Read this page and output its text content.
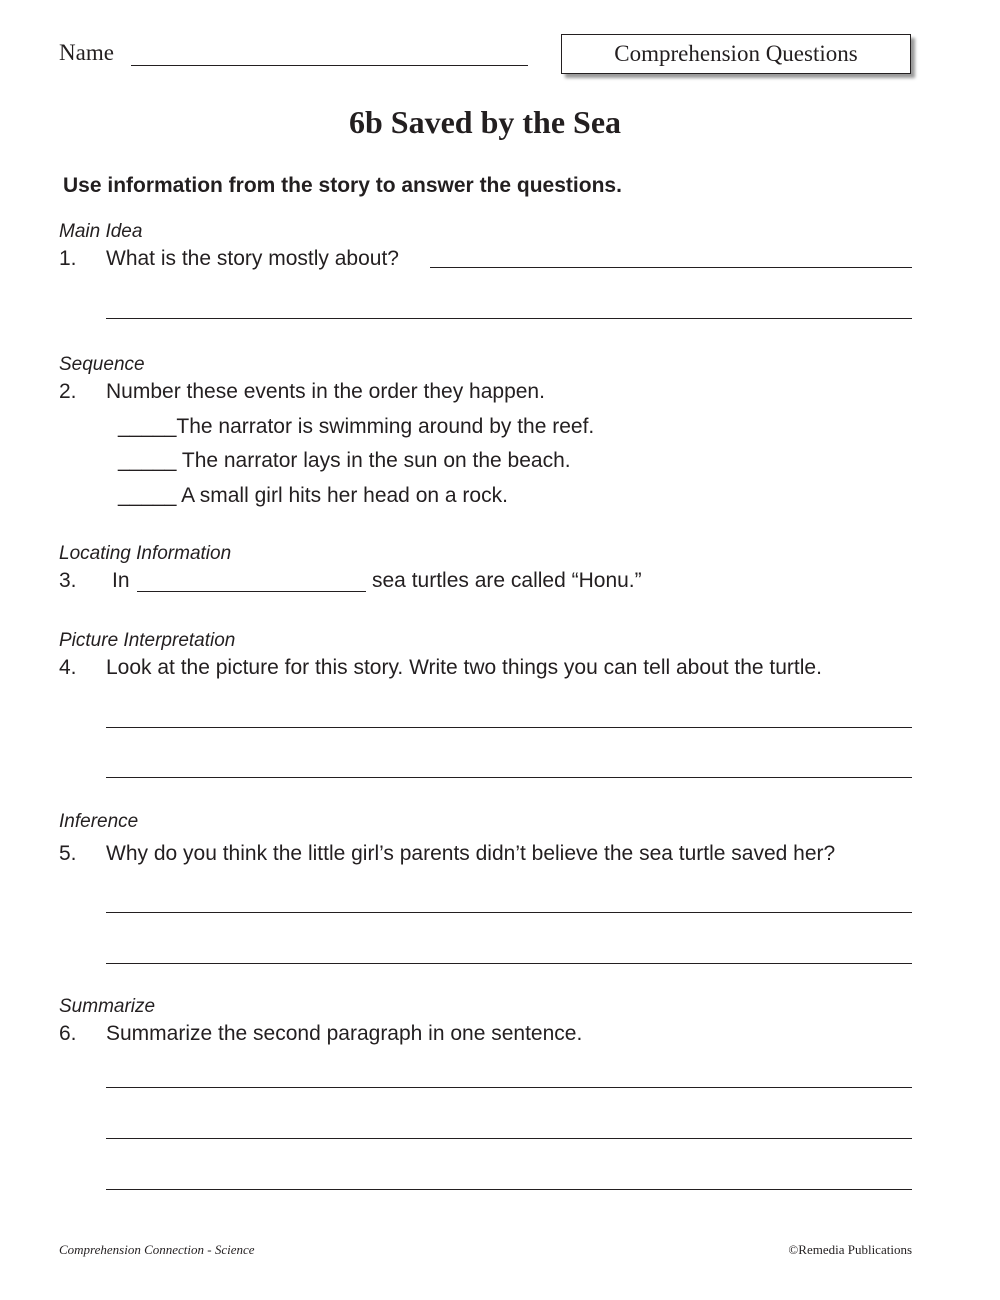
Name	Comprehension Questions
6b Saved by the Sea
Use information from the story to answer the questions.
Main Idea
1. What is the story mostly about?
Sequence
2. Number these events in the order they happen.
_____The narrator is swimming around by the reef.
_____ The narrator lays in the sun on the beach.
_____ A small girl hits her head on a rock.
Locating Information
3. In	sea turtles are called “Honu.”
Picture Interpretation
4. Look at the picture for this story. Write two things you can tell about the turtle.
Inference
5. Why do you think the little girl’s parents didn’t believe the sea turtle saved her?
Summarize
6. Summarize the second paragraph in one sentence.
Comprehension Connection - Science	©Remedia Publications
